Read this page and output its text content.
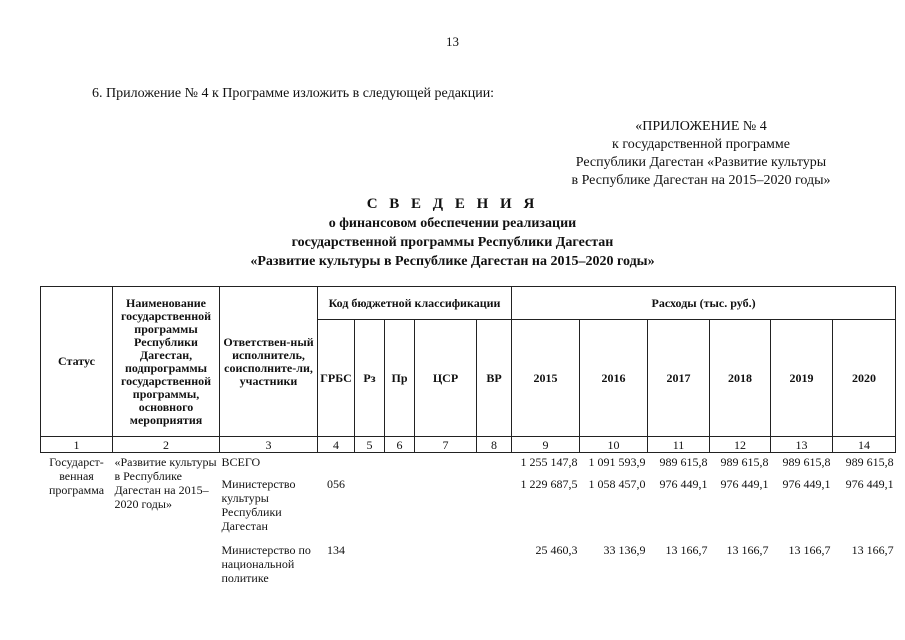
13
6. Приложение № 4 к Программе изложить в следующей редакции:
«ПРИЛОЖЕНИЕ № 4
к государственной программе
Республики Дагестан «Развитие культуры
в Республике Дагестан на 2015–2020 годы»
С В Е Д Е Н И Я
о финансовом обеспечении реализации
государственной программы Республики Дагестан
«Развитие культуры в Республике Дагестан на 2015–2020 годы»
Статус	Наименование государственной программы Республики Дагестан, подпрограммы государственной программы, основного мероприятия	Ответствен-ный исполнитель, соисполните-ли, участники	Код бюджетной классификации					Расходы (тыс. руб.)					
			ГРБС	Рз	Пр	ЦСР	ВР	2015	2016	2017	2018	2019	2020
1	2	3	4	5	6	7	8	9	10	11	12	13	14
Государст-венная программа	«Развитие культуры в Республике Дагестан на 2015–2020 годы»	ВСЕГО						1 255 147,8	1 091 593,9	989 615,8	989 615,8	989 615,8	989 615,8
		Министерство культуры Республики Дагестан	056					1 229 687,5	1 058 457,0	976 449,1	976 449,1	976 449,1	976 449,1
		Министерство по национальной политике	134					25 460,3	33 136,9	13 166,7	13 166,7	13 166,7	13 166,7
